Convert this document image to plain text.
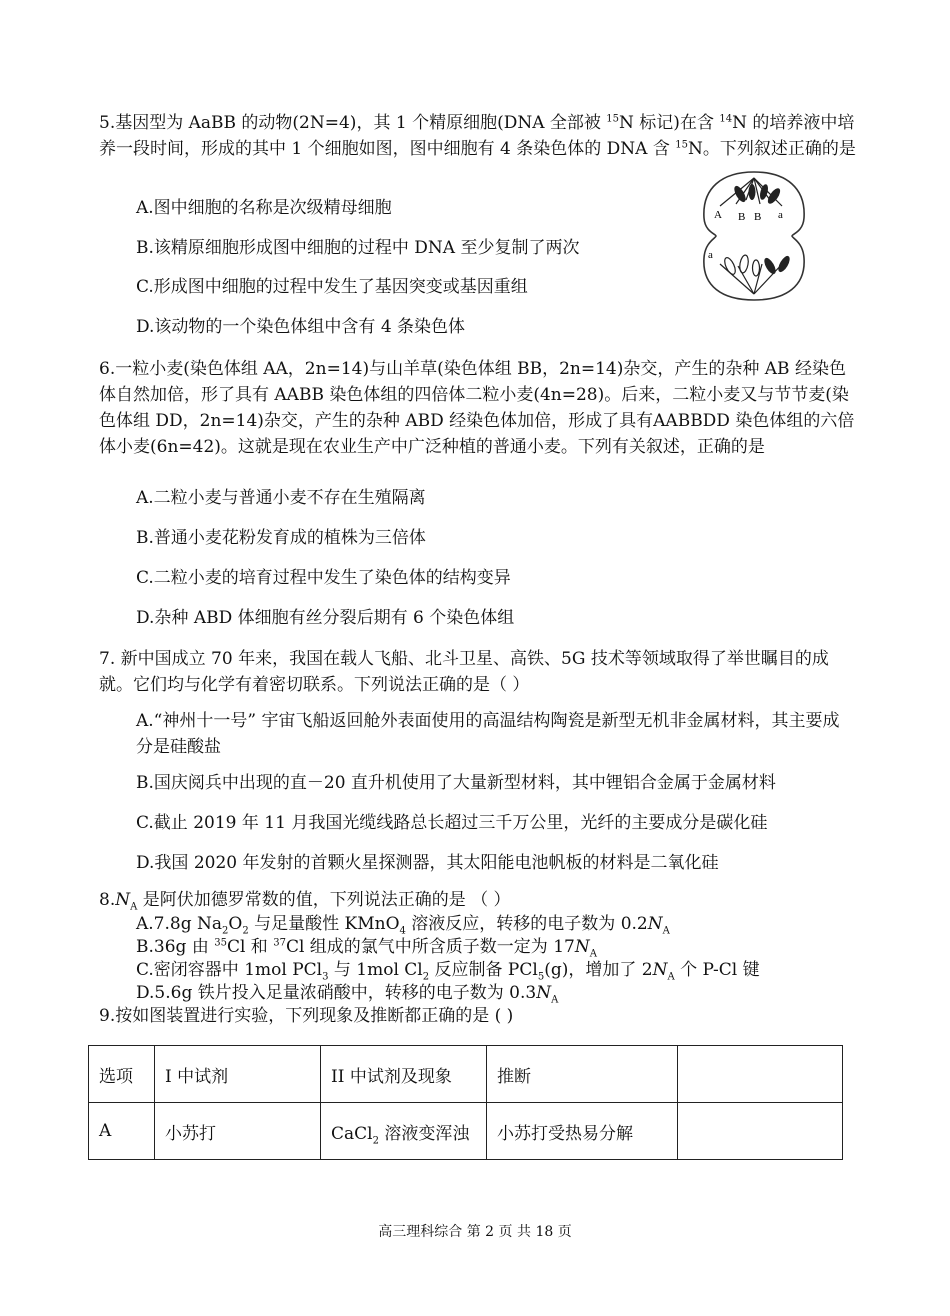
5.基因型为 AaBB 的动物(2N=4)，其 1 个精原细胞(DNA 全部被 $^{15}$N 标记)在含 $^{14}$N 的培养液中培养一段时间，形成的其中 1 个细胞如图，图中细胞有 4 条染色体的 DNA 含 $^{15}$N。下列叙述正确的是

A.图中细胞的名称是次级精母细胞

B.该精原细胞形成图中细胞的过程中 DNA 至少复制了两次

C.形成图中细胞的过程中发生了基因突变或基因重组

D.该动物的一个染色体组中含有 4 条染色体

A B B a
a

6.一粒小麦(染色体组 AA，2n=14)与山羊草(染色体组 BB，2n=14)杂交，产生的杂种 AB 经染色体自然加倍，形了具有 AABB 染色体组的四倍体二粒小麦(4n=28)。后来，二粒小麦又与节节麦(染色体组 DD，2n=14)杂交，产生的杂种 ABD 经染色体加倍，形成了具有AABBDD 染色体组的六倍体小麦(6n=42)。这就是现在农业生产中广泛种植的普通小麦。下列有关叙述，正确的是

A.二粒小麦与普通小麦不存在生殖隔离

B.普通小麦花粉发育成的植株为三倍体

C.二粒小麦的培育过程中发生了染色体的结构变异

D.杂种 ABD 体细胞有丝分裂后期有 6 个染色体组

7. 新中国成立 70 年来，我国在载人飞船、北斗卫星、高铁、5G 技术等领域取得了举世瞩目的成就。它们均与化学有着密切联系。下列说法正确的是（ ）

A.“神州十一号” 宇宙飞船返回舱外表面使用的高温结构陶瓷是新型无机非金属材料，其主要成分是硅酸盐

B.国庆阅兵中出现的直－20 直升机使用了大量新型材料，其中锂铝合金属于金属材料

C.截止 2019 年 11 月我国光缆线路总长超过三千万公里，光纤的主要成分是碳化硅

D.我国 2020 年发射的首颗火星探测器，其太阳能电池帆板的材料是二氧化硅

$8.N_A$ 是阿伏加德罗常数的值，下列说法正确的是 （ ）

A.7.8g $Na_2O_2$ 与足量酸性 KMnO$_4$ 溶液反应，转移的电子数为 $0.2N_A$

B.36g 由 $^{35}$Cl 和 $^{37}$Cl 组成的氯气中所含质子数一定为 $17N_A$

C.密闭容器中 1mol PCl$_3$ 与 1mol $Cl_2$ 反应制备 PCl$_5$(g)，增加了 $2N_A$ 个 P-Cl 键

D.5.6g 铁片投入足量浓硝酸中，转移的电子数为 $0.3N_A$

9.按如图装置进行实验，下列现象及推断都正确的是 ( )

选项	I 中试剂	II 中试剂及现象	推断	
A	小苏打	CaCl$_2$ 溶液变浑浊	小苏打受热易分解	
高三理科综合 第 2 页 共 18 页
